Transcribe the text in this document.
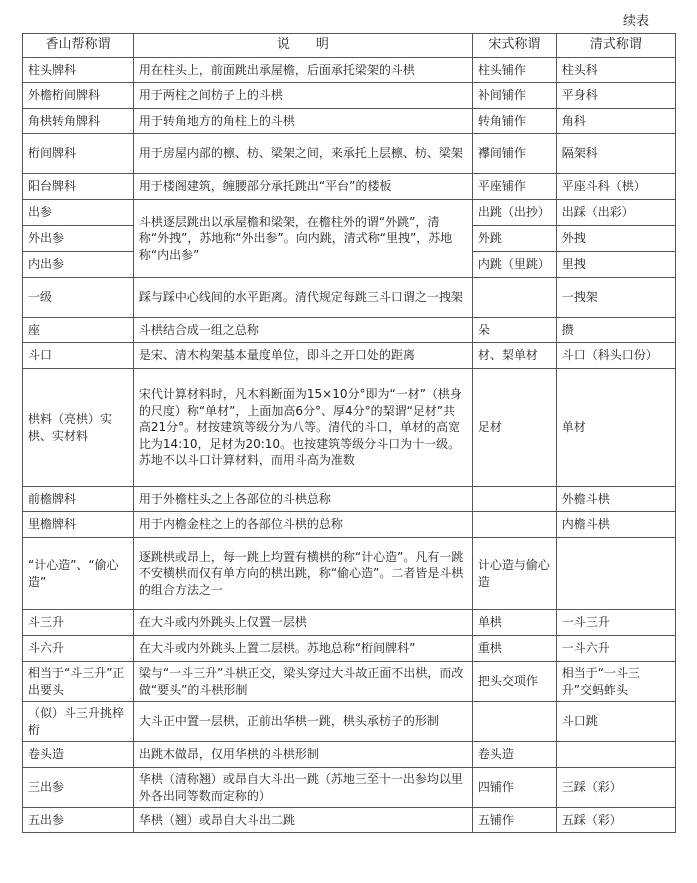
续表
香山帮称谓	说　　明	宋式称谓	清式称谓
柱头牌科	用在柱头上，前面跳出承屋檐，后面承托梁架的斗栱	柱头铺作	柱头科
外檐桁间牌科	用于两柱之间枋子上的斗栱	补间铺作	平身科
角栱转角牌科	用于转角地方的角柱上的斗栱	转角铺作	角科
桁间牌科	用于房屋内部的檩、枋、梁架之间，来承托上层檩、枋、梁架	襻间铺作	隔架科
阳台牌科	用于楼阁建筑，缠腰部分承托跳出“平台”的楼板	平座铺作	平座斗科（栱）
出参	斗栱逐层跳出以承屋檐和梁架，在檐柱外的谓“外跳”，清称“外拽”，苏地称“外出参”。向内跳，清式称“里拽”，苏地称“内出参”	出跳（出抄）	出踩（出彩）
外出参		外跳	外拽
内出参		内跳（里跳）	里拽
一级	踩与踩中心线间的水平距离。清代规定每跳三斗口谓之一拽架		一拽架
座	斗栱结合成一组之总称	朵	攒
斗口	是宋、清木构架基本量度单位，即斗之开口处的距离	材、栔单材	斗口（科头口份）
栱料（亮栱）实栱、实材料	宋代计算材料时，凡木料断面为15×10分°即为“一材”（栱身的尺度）称“单材”，上面加高6分°、厚4分°的栔谓“足材”共高21分°。材按建筑等级分为八等。清代的斗口，单材的高宽比为14:10，足材为20:10。也按建筑等级分斗口为十一级。苏地不以斗口计算材料，而用斗高为准数	足材	单材
前檐牌科	用于外檐柱头之上各部位的斗栱总称		外檐斗栱
里檐牌科	用于内檐金柱之上的各部位斗栱的总称		内檐斗栱
“计心造”、“偷心造”	逐跳栱或昂上，每一跳上均置有横栱的称“计心造”。凡有一跳不安横栱而仅有单方向的栱出跳，称“偷心造”。二者皆是斗栱的组合方法之一	计心造与偷心造	
斗三升	在大斗或内外跳头上仅置一层栱	单栱	一斗三升
斗六升	在大斗或内外跳头上置二层栱。苏地总称“桁间牌科”	重栱	一斗六升
相当于“斗三升”正出要头	梁与“一斗三升”斗栱正交，梁头穿过大斗故正面不出栱，而改做“要头”的斗栱形制	把头交项作	相当于“一斗三升”交蚂蚱头
（似）斗三升挑梓桁	大斗正中置一层栱，正前出华栱一跳，栱头承枋子的形制		斗口跳
卷头造	出跳木做昂，仅用华栱的斗栱形制	卷头造	
三出参	华栱（清称翘）或昂自大斗出一跳（苏地三至十一出参均以里外各出同等数而定称的）	四铺作	三踩（彩）
五出参	华栱（翘）或昂自大斗出二跳	五铺作	五踩（彩）
